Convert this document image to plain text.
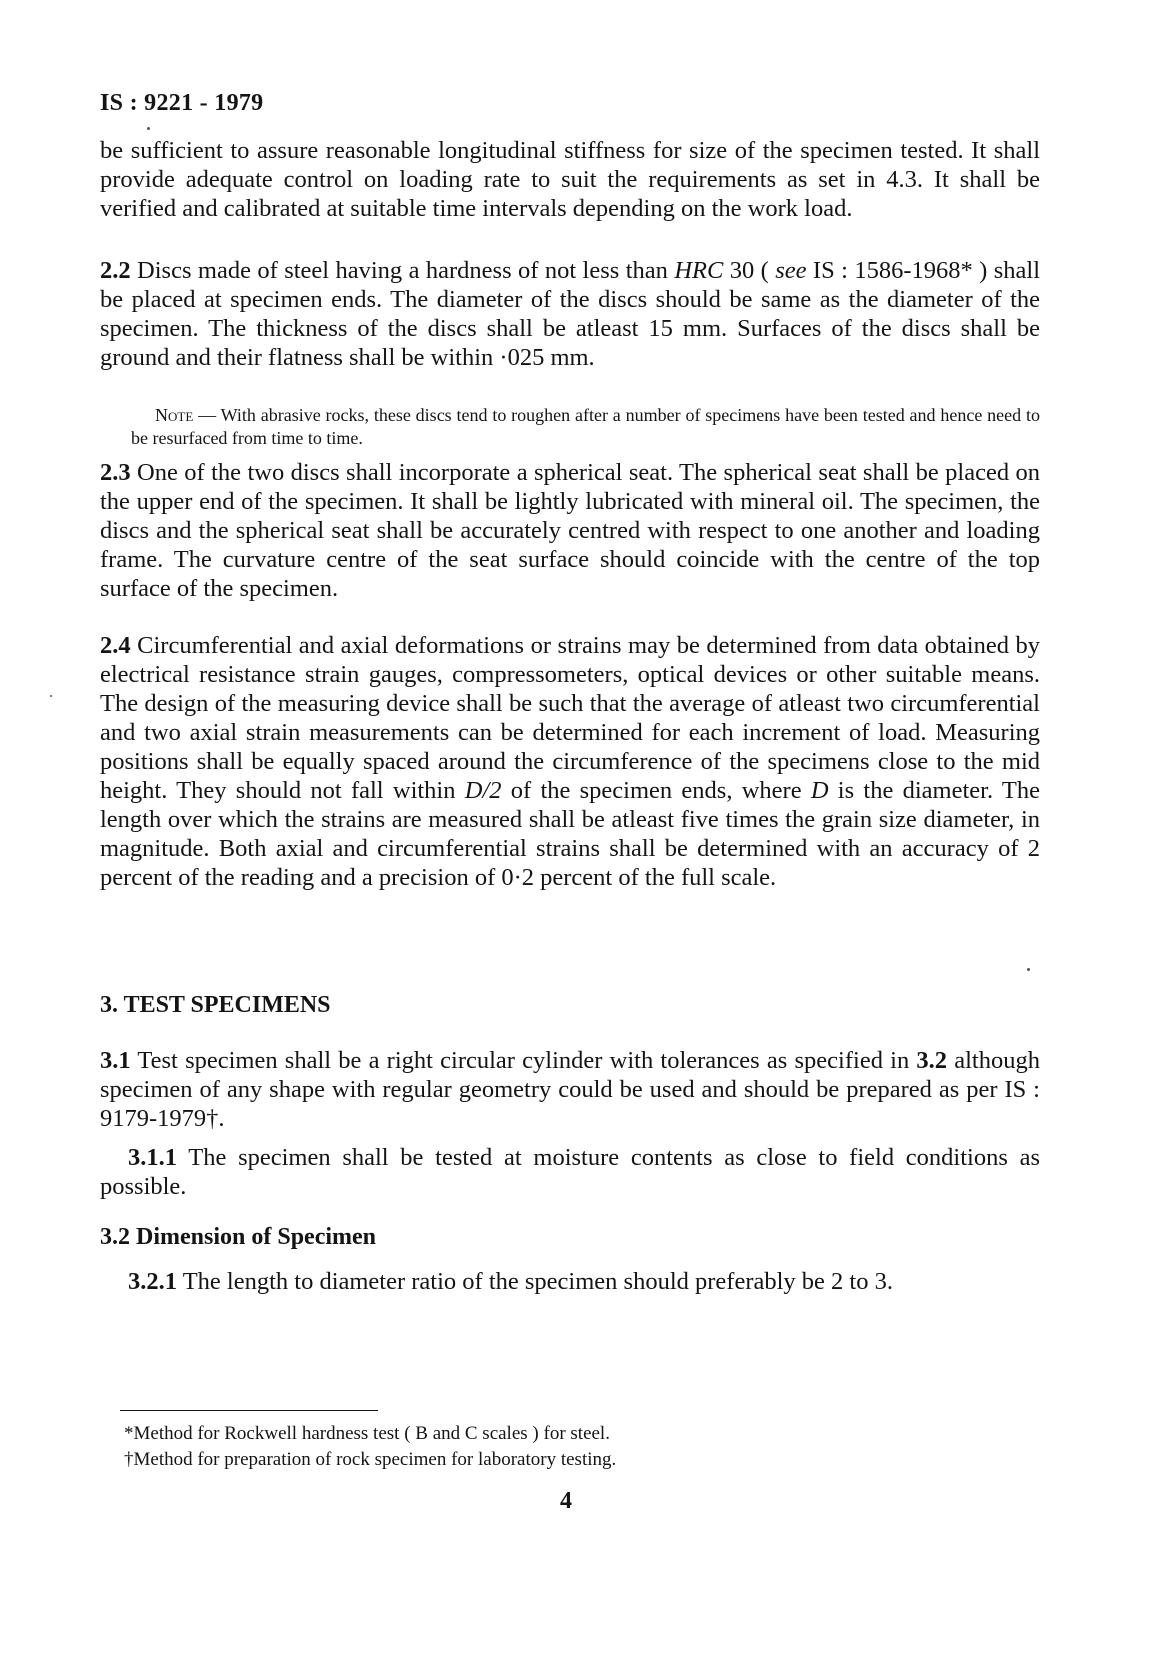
IS : 9221 - 1979

be sufficient to assure reasonable longitudinal stiffness for size of the specimen tested. It shall provide adequate control on loading rate to suit the requirements as set in 4.3. It shall be verified and calibrated at suitable time intervals depending on the work load.

2.2 Discs made of steel having a hardness of not less than HRC 30 ( see IS : 1586-1968* ) shall be placed at specimen ends. The diameter of the discs should be same as the diameter of the specimen. The thickness of the discs shall be atleast 15 mm. Surfaces of the discs shall be ground and their flatness shall be within ·025 mm.

Note — With abrasive rocks, these discs tend to roughen after a number of specimens have been tested and hence need to be resurfaced from time to time.

2.3 One of the two discs shall incorporate a spherical seat. The spherical seat shall be placed on the upper end of the specimen. It shall be lightly lubricated with mineral oil. The specimen, the discs and the spherical seat shall be accurately centred with respect to one another and loading frame. The curvature centre of the seat surface should coincide with the centre of the top surface of the specimen.

2.4 Circumferential and axial deformations or strains may be determined from data obtained by electrical resistance strain gauges, compressometers, optical devices or other suitable means. The design of the measuring device shall be such that the average of atleast two circumferential and two axial strain measurements can be determined for each increment of load. Measuring positions shall be equally spaced around the circumference of the specimens close to the mid height. They should not fall within D/2 of the specimen ends, where D is the diameter. The length over which the strains are measured shall be atleast five times the grain size diameter, in magnitude. Both axial and circumferential strains shall be determined with an accuracy of 2 percent of the reading and a precision of 0·2 percent of the full scale.

3. TEST SPECIMENS

3.1 Test specimen shall be a right circular cylinder with tolerances as specified in 3.2 although specimen of any shape with regular geometry could be used and should be prepared as per IS : 9179-1979†.

3.1.1 The specimen shall be tested at moisture contents as close to field conditions as possible.

3.2 Dimension of Specimen

3.2.1 The length to diameter ratio of the specimen should preferably be 2 to 3.

*Method for Rockwell hardness test ( B and C scales ) for steel.
†Method for preparation of rock specimen for laboratory testing.
4
